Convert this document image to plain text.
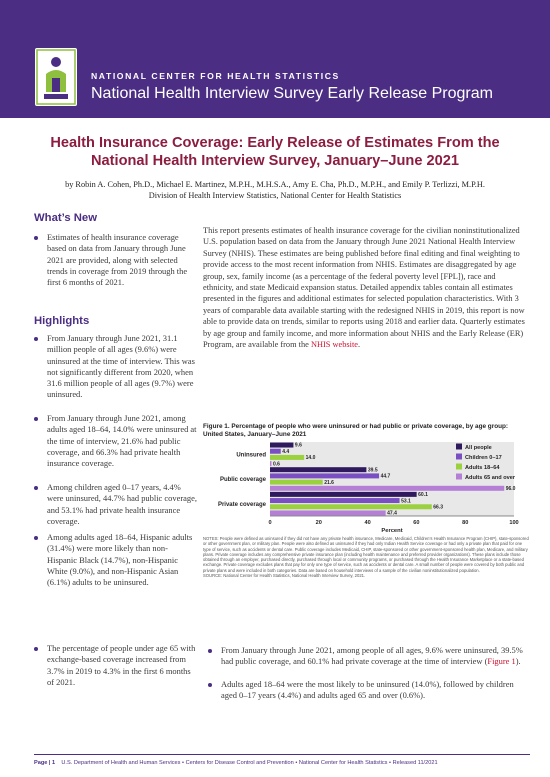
NATIONAL CENTER FOR HEALTH STATISTICS
National Health Interview Survey Early Release Program
Health Insurance Coverage: Early Release of Estimates From the
National Health Interview Survey, January–June 2021
by Robin A. Cohen, Ph.D., Michael E. Martinez, M.P.H., M.H.S.A., Amy E. Cha, Ph.D., M.P.H., and Emily P. Terlizzi, M.P.H.
Division of Health Interview Statistics, National Center for Health Statistics
What’s New
Estimates of health insurance coverage based on data from January through June 2021 are provided, along with selected trends in coverage from 2019 through the first 6 months of 2021.
Highlights
From January through June 2021, 31.1 million people of all ages (9.6%) were uninsured at the time of interview. This was not significantly different from 2020, when 31.6 million people of all ages (9.7%) were uninsured.
From January through June 2021, among adults aged 18–64, 14.0% were uninsured at the time of interview, 21.6% had public coverage, and 66.3% had private health insurance coverage.
Among children aged 0–17 years, 4.4% were uninsured, 44.7% had public coverage, and 53.1% had private health insurance coverage.
Among adults aged 18–64, Hispanic adults (31.4%) were more likely than non-Hispanic Black (14.7%), non-Hispanic White (9.0%), and non-Hispanic Asian (6.1%) adults to be uninsured.
The percentage of people under age 65 with exchange-based coverage increased from 3.7% in 2019 to 4.3% in the first 6 months of 2021.
This report presents estimates of health insurance coverage for the civilian noninstitutionalized U.S. population based on data from the January through June 2021 National Health Interview Survey (NHIS). These estimates are being published before final editing and final weighting to provide access to the most recent information from NHIS. Estimates are disaggregated by age group, sex, family income (as a percentage of the federal poverty level [FPL]), race and ethnicity, and state Medicaid expansion status. Detailed appendix tables contain all estimates presented in the figures and additional estimates for selected population characteristics. With 3 years of comparable data available starting with the redesigned NHIS in 2019, this report is now able to provide data on trends, similar to reports using 2018 and earlier data. Quarterly estimates by age group and family income, and more information about NHIS and the Early Release (ER) Program, are available from the NHIS website.
Figure 1. Percentage of people who were uninsured or had public or private coverage, by age group: United States, January–June 2021
Uninsured
9.6
4.4
14.0
0.6
Public coverage
39.5
44.7
21.6
96.0
Private coverage
60.1
53.1
66.3
47.4
0	20	40	60	80	100
Percent
All people
Children 0–17
Adults 18–64
Adults 65 and over
NOTES: People were defined as uninsured if they did not have any private health insurance, Medicare, Medicaid, Children’s Health Insurance Program (CHIP), state-sponsored or other government plan, or military plan. People were also defined as uninsured if they had only Indian Health Service coverage or had only a private plan that paid for one type of service, such as accidents or dental care. Public coverage includes Medicaid, CHIP, state-sponsored or other government-sponsored health plan, Medicare, and military plans. Private coverage includes any comprehensive private insurance plan (including health maintenance and preferred provider organizations). These plans include those obtained through an employer, purchased directly, purchased through local or community programs, or purchased through the Health Insurance Marketplace or a state-based exchange. Private coverage excludes plans that pay for only one type of service, such as accidents or dental care. A small number of people were covered by both public and private plans and were included in both categories. Data are based on household interviews of a sample of the civilian noninstitutionalized population.
SOURCE: National Center for Health Statistics, National Health Interview Survey, 2021.
From January through June 2021, among people of all ages, 9.6% were uninsured, 39.5% had public coverage, and 60.1% had private coverage at the time of interview (Figure 1).
Adults aged 18–64 were the most likely to be uninsured (14.0%), followed by children aged 0–17 years (4.4%) and adults aged 65 and over (0.6%).
Page | 1 U.S. Department of Health and Human Services • Centers for Disease Control and Prevention • National Center for Health Statistics • Released 11/2021
